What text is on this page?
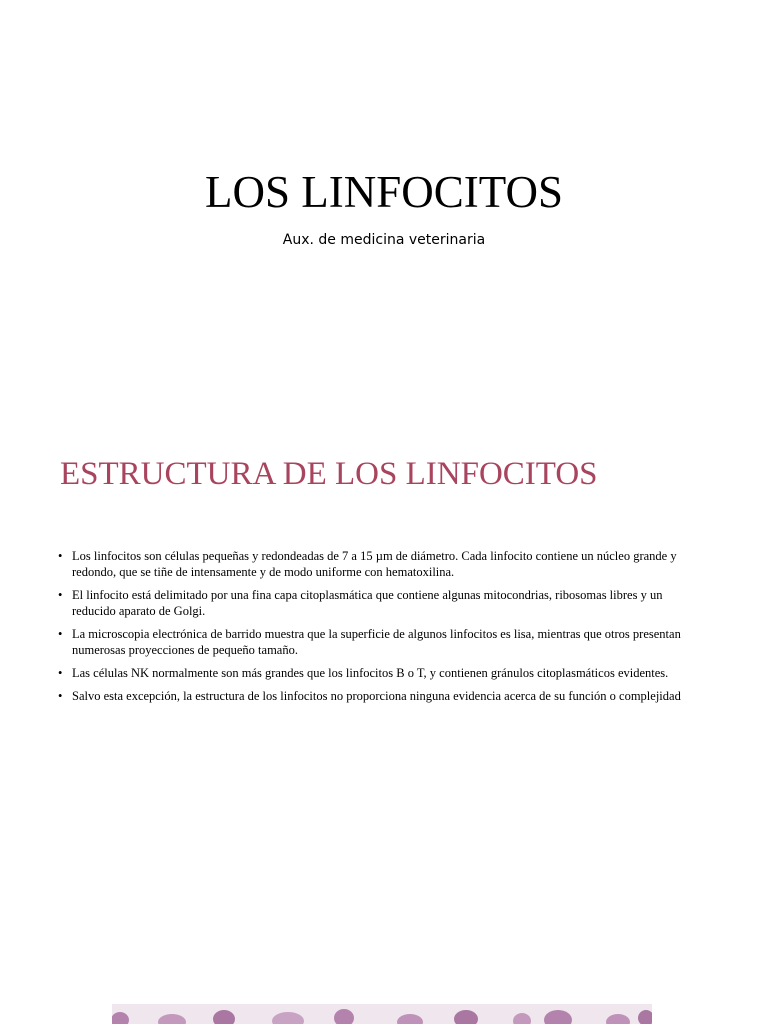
LOS LINFOCITOS
Aux. de medicina veterinaria
ESTRUCTURA DE LOS LINFOCITOS
• Los linfocitos son células pequeñas y redondeadas de 7 a 15 µm de diámetro. Cada linfocito contiene un núcleo grande y redondo, que se tiñe de intensamente y de modo uniforme con hematoxilina.
• El linfocito está delimitado por una fina capa citoplasmática que contiene algunas mitocondrias, ribosomas libres y un reducido aparato de Golgi.
• La microscopia electrónica de barrido muestra que la superficie de algunos linfocitos es lisa, mientras que otros presentan numerosas proyecciones de pequeño tamaño.
• Las células NK normalmente son más grandes que los linfocitos B o T, y contienen gránulos citoplasmáticos evidentes.
• Salvo esta excepción, la estructura de los linfocitos no proporciona ninguna evidencia acerca de su función o complejidad
